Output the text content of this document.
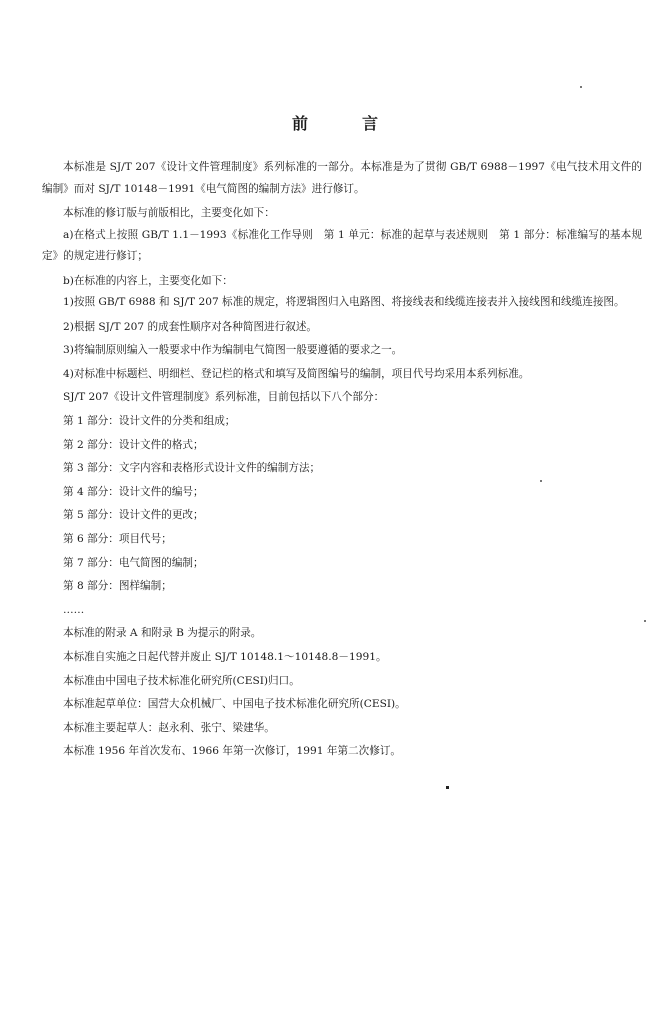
前	言

本标准是 SJ/T 207《设计文件管理制度》系列标准的一部分。本标准是为了贯彻 GB/T 6988－1997《电气技术用文件的编制》而对 SJ/T 10148－1991《电气简图的编制方法》进行修订。

本标准的修订版与前版相比，主要变化如下：

a)在格式上按照 GB/T 1.1－1993《标准化工作导则　第 1 单元：标准的起草与表述规则　第 1 部分：标准编写的基本规定》的规定进行修订；

b)在标准的内容上，主要变化如下：

1)按照 GB/T 6988 和 SJ/T 207 标准的规定，将逻辑图归入电路图、将接线表和线缆连接表并入接线图和线缆连接图。

2)根据 SJ/T 207 的成套性顺序对各种简图进行叙述。

3)将编制原则编入一般要求中作为编制电气简图一般要遵循的要求之一。

4)对标准中标题栏、明细栏、登记栏的格式和填写及简图编号的编制，项目代号均采用本系列标准。

SJ/T 207《设计文件管理制度》系列标准，目前包括以下八个部分：

第 1 部分：设计文件的分类和组成；

第 2 部分：设计文件的格式；

第 3 部分：文字内容和表格形式设计文件的编制方法；

第 4 部分：设计文件的编号；

第 5 部分：设计文件的更改；

第 6 部分：项目代号；

第 7 部分：电气简图的编制；

第 8 部分：图样编制；

……

本标准的附录 A 和附录 B 为提示的附录。

本标准自实施之日起代替并废止 SJ/T 10148.1～10148.8－1991。

本标准由中国电子技术标准化研究所(CESI)归口。

本标准起草单位：国营大众机械厂、中国电子技术标准化研究所(CESI)。

本标准主要起草人：赵永利、张宁、梁建华。

本标准 1956 年首次发布、1966 年第一次修订，1991 年第二次修订。
